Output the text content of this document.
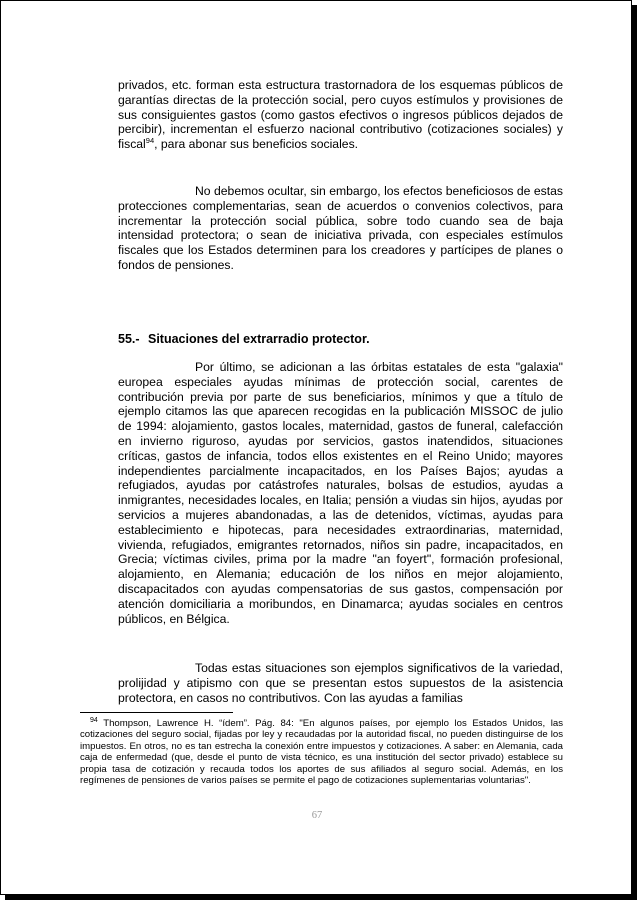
privados, etc. forman esta estructura trastornadora de los esquemas públicos de garantías directas de la protección social, pero cuyos estímulos y provisiones de sus consiguientes gastos (como gastos efectivos o ingresos públicos dejados de percibir), incrementan el esfuerzo nacional contributivo (cotizaciones sociales) y fiscal$^{94}$, para abonar sus beneficios sociales.

No debemos ocultar, sin embargo, los efectos beneficiosos de estas protecciones complementarias, sean de acuerdos o convenios colectivos, para incrementar la protección social pública, sobre todo cuando sea de baja intensidad protectora; o sean de iniciativa privada, con especiales estímulos fiscales que los Estados determinen para los creadores y partícipes de planes o fondos de pensiones.

55.- Situaciones del extrarradio protector.

Por último, se adicionan a las órbitas estatales de esta "galaxia" europea especiales ayudas mínimas de protección social, carentes de contribución previa por parte de sus beneficiarios, mínimos y que a título de ejemplo citamos las que aparecen recogidas en la publicación MISSOC de julio de 1994: alojamiento, gastos locales, maternidad, gastos de funeral, calefacción en invierno riguroso, ayudas por servicios, gastos inatendidos, situaciones críticas, gastos de infancia, todos ellos existentes en el Reino Unido; mayores independientes parcialmente incapacitados, en los Países Bajos; ayudas a refugiados, ayudas por catástrofes naturales, bolsas de estudios, ayudas a inmigrantes, necesidades locales, en Italia; pensión a viudas sin hijos, ayudas por servicios a mujeres abandonadas, a las de detenidos, víctimas, ayudas para establecimiento e hipotecas, para necesidades extraordinarias, maternidad, vivienda, refugiados, emigrantes retornados, niños sin padre, incapacitados, en Grecia; víctimas civiles, prima por la madre "an foyert", formación profesional, alojamiento, en Alemania; educación de los niños en mejor alojamiento, discapacitados con ayudas compensatorias de sus gastos, compensación por atención domiciliaria a moribundos, en Dinamarca; ayudas sociales en centros públicos, en Bélgica.

Todas estas situaciones son ejemplos significativos de la variedad, prolijidad y atipismo con que se presentan estos supuestos de la asistencia protectora, en casos no contributivos. Con las ayudas a familias

$^{94}$ Thompson, Lawrence H. “ídem”. Pág. 84: "En algunos países, por ejemplo los Estados Unidos, las cotizaciones del seguro social, fijadas por ley y recaudadas por la autoridad fiscal, no pueden distinguirse de los impuestos. En otros, no es tan estrecha la conexión entre impuestos y cotizaciones. A saber: en Alemania, cada caja de enfermedad (que, desde el punto de vista técnico, es una institución del sector privado) establece su propia tasa de cotización y recauda todos los aportes de sus afiliados al seguro social. Además, en los regímenes de pensiones de varios países se permite el pago de cotizaciones suplementarias voluntarias".

67
